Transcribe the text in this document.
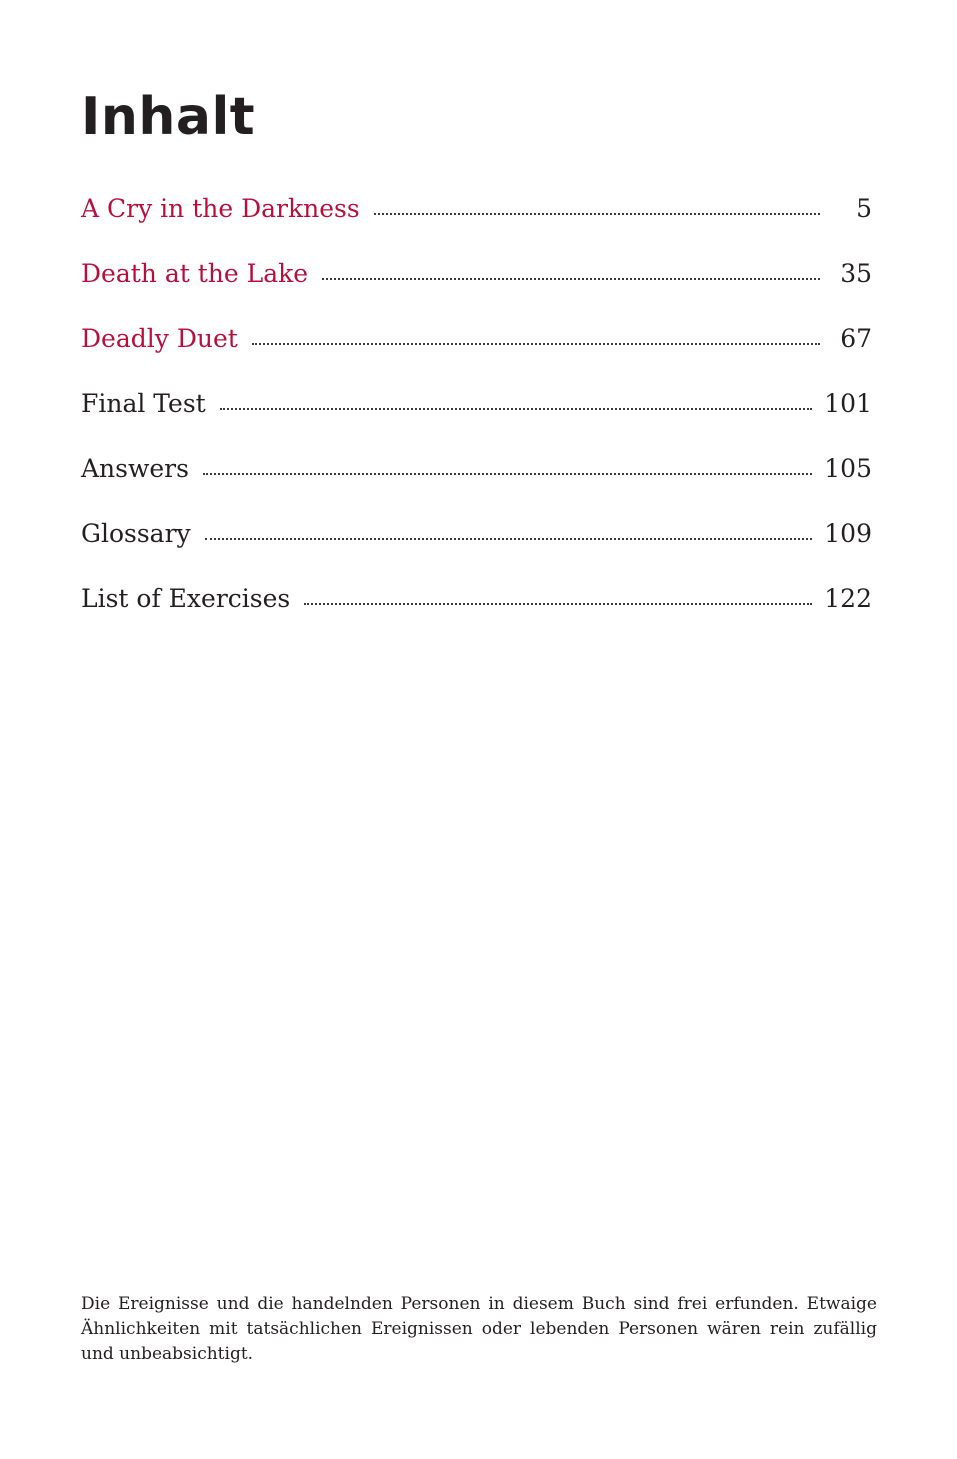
Inhalt
A Cry in the Darkness	5
Death at the Lake	35
Deadly Duet	67
Final Test	101
Answers	105
Glossary	109
List of Exercises	122

Die Ereignisse und die handelnden Personen in diesem Buch sind frei erfunden. Etwaige Ähnlichkeiten mit tatsächlichen Ereignissen oder lebenden Personen wären rein zufällig und unbeabsichtigt.
